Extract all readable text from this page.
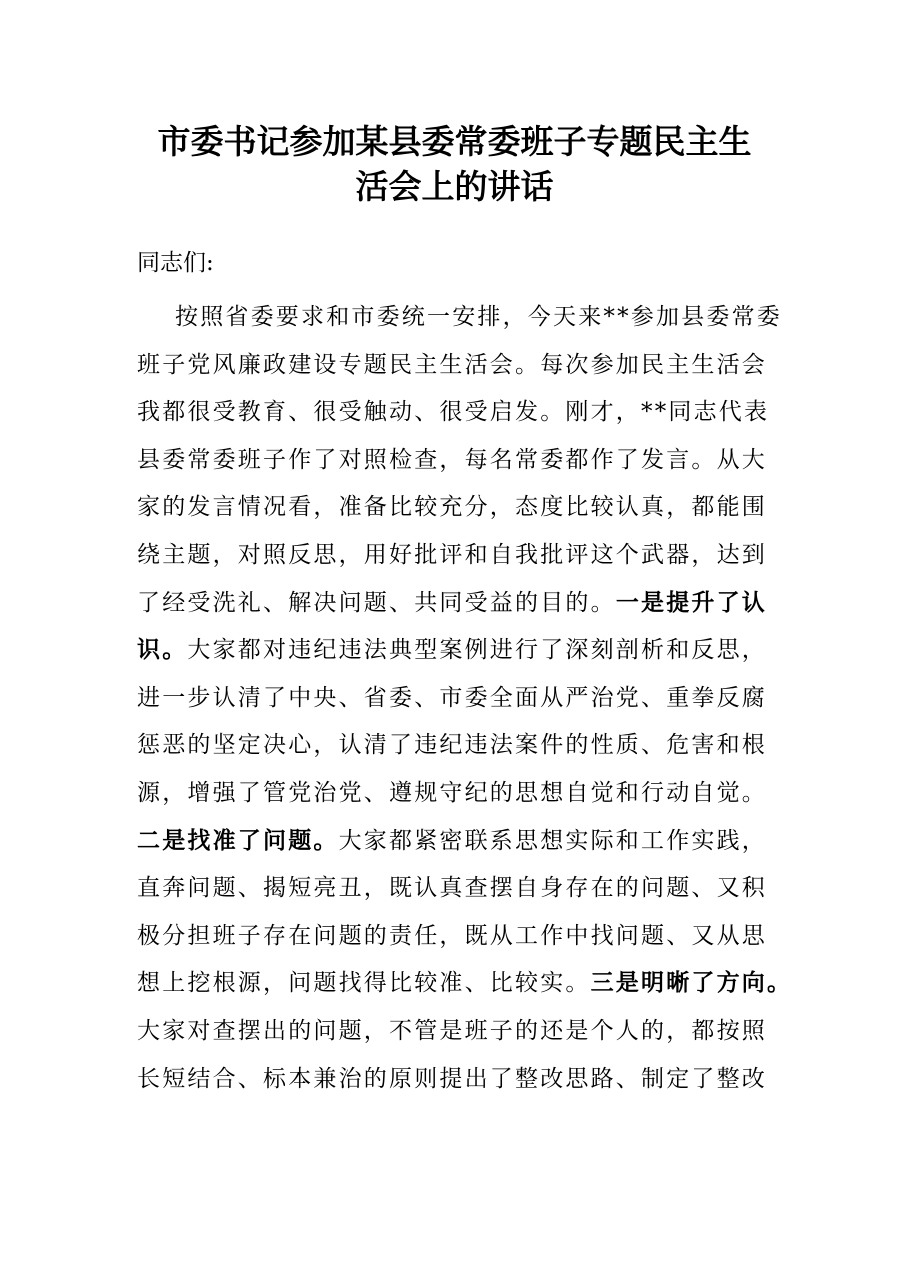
市委书记参加某县委常委班子专题民主生
活会上的讲话

同志们:

按照省委要求和市委统一安排，今天来**参加县委常委
班子党风廉政建设专题民主生活会。每次参加民主生活会
我都很受教育、很受触动、很受启发。刚才，**同志代表
县委常委班子作了对照检查，每名常委都作了发言。从大
家的发言情况看，准备比较充分，态度比较认真，都能围
绕主题，对照反思，用好批评和自我批评这个武器，达到
了经受洗礼、解决问题、共同受益的目的。一是提升了认
识。大家都对违纪违法典型案例进行了深刻剖析和反思，
进一步认清了中央、省委、市委全面从严治党、重拳反腐
惩恶的坚定决心，认清了违纪违法案件的性质、危害和根
源，增强了管党治党、遵规守纪的思想自觉和行动自觉。
二是找准了问题。大家都紧密联系思想实际和工作实践，
直奔问题、揭短亮丑，既认真查摆自身存在的问题、又积
极分担班子存在问题的责任，既从工作中找问题、又从思
想上挖根源，问题找得比较准、比较实。三是明晰了方向。
大家对查摆出的问题，不管是班子的还是个人的，都按照
长短结合、标本兼治的原则提出了整改思路、制定了整改
